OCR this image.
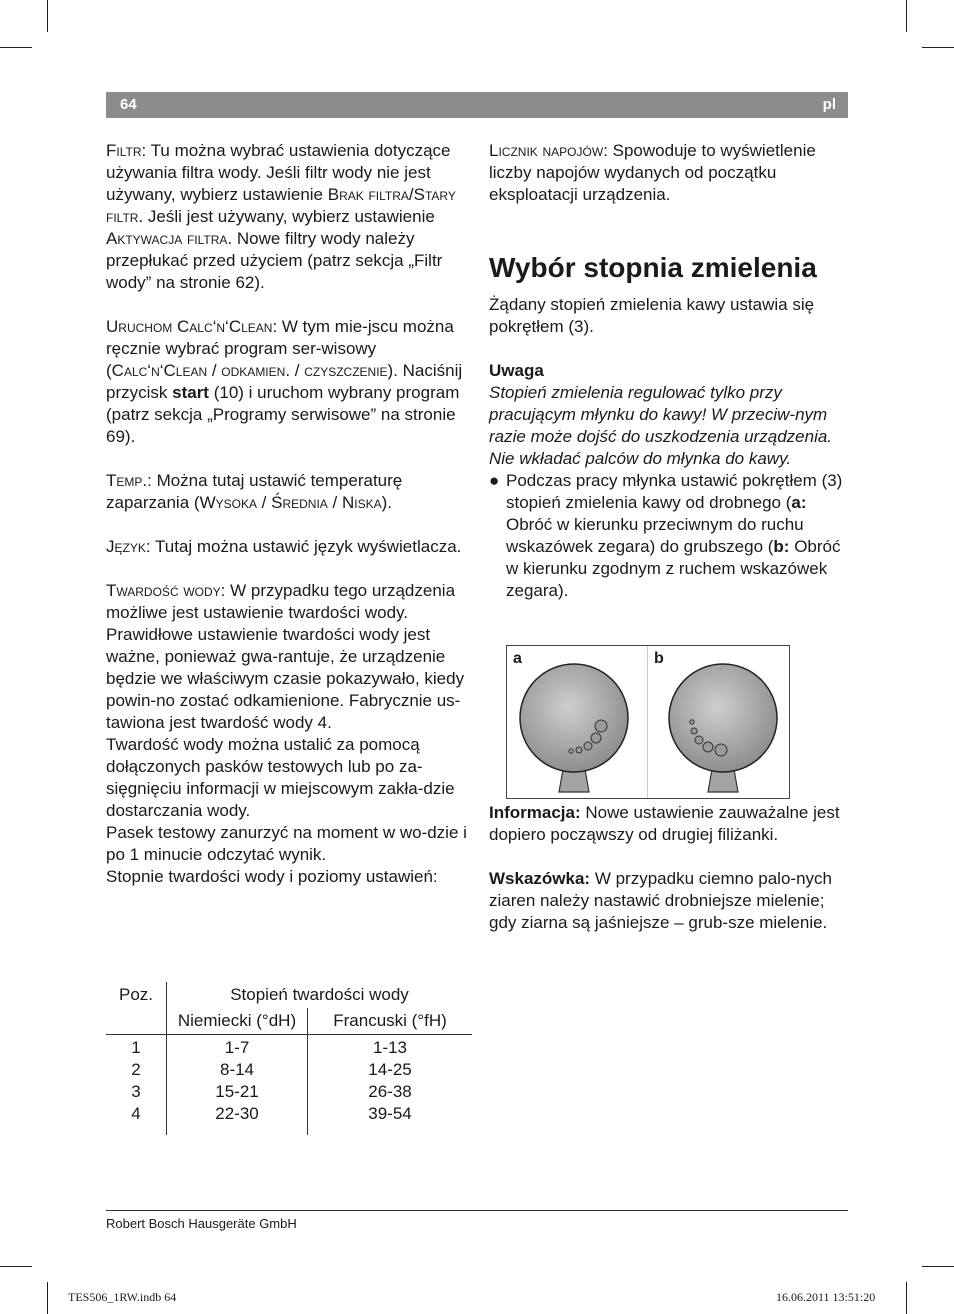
64	pl

Filtr: Tu można wybrać ustawienia dotyczące używania filtra wody. Jeśli filtr wody nie jest używany, wybierz ustawienie Brak filtra/Stary filtr. Jeśli jest używany, wybierz ustawienie Aktywacja filtra. Nowe filtry wody należy przepłukać przed użyciem (patrz sekcja „Filtr wody” na stronie 62).

Uruchom Calc‘n‘Clean: W tym mie-jscu można ręcznie wybrać program ser-wisowy (Calc‘n‘Clean / odkamien. / czyszczenie). Naciśnij przycisk start (10) i uruchom wybrany program (patrz sekcja „Programy serwisowe” na stronie 69).

Temp.: Można tutaj ustawić temperaturę zaparzania (Wysoka / Średnia / Niska).

Język: Tutaj można ustawić język wyświetlacza.

Twardość wody: W przypadku tego urządzenia możliwe jest ustawienie twardości wody. Prawidłowe ustawienie twardości wody jest ważne, ponieważ gwa-rantuje, że urządzenie będzie we właściwym czasie pokazywało, kiedy powin-no zostać odkamienione. Fabrycznie us-tawiona jest twardość wody 4.

Twardość wody można ustalić za pomocą dołączonych pasków testowych lub po za-sięgnięciu informacji w miejscowym zakła-dzie dostarczania wody.

Pasek testowy zanurzyć na moment w wo-dzie i po 1 minucie odczytać wynik.

Stopnie twardości wody i poziomy ustawień:

Poz.	Stopień twardości wody	
	Niemiecki (°dH)	Francuski (°fH)
1	1-7	1-13
2	8-14	14-25
3	15-21	26-38
4	22-30	39-54

Licznik napojów: Spowoduje to wyświetlenie liczby napojów wydanych od początku eksploatacji urządzenia.

Wybór stopnia zmielenia

Żądany stopień zmielenia kawy ustawia się pokrętłem (3).

Uwaga

Stopień zmielenia regulować tylko przy pracującym młynku do kawy! W przeciw-nym razie może dojść do uszkodzenia urządzenia. Nie wkładać palców do młynka do kawy.

● Podczas pracy młynka ustawić pokrętłem (3) stopień zmielenia kawy od drobnego (a: Obróć w kierunku przeciwnym do ruchu wskazówek zegara) do grubszego (b: Obróć w kierunku zgodnym z ruchem wskazówek zegara).
a	b

Informacja: Nowe ustawienie zauważalne jest dopiero począwszy od drugiej filiżanki.

Wskazówka: W przypadku ciemno palo-nych ziaren należy nastawić drobniejsze mielenie; gdy ziarna są jaśniejsze – grub-sze mielenie.

Robert Bosch Hausgeräte GmbH
TES506_1RW.indb 64	16.06.2011 13:51:20
